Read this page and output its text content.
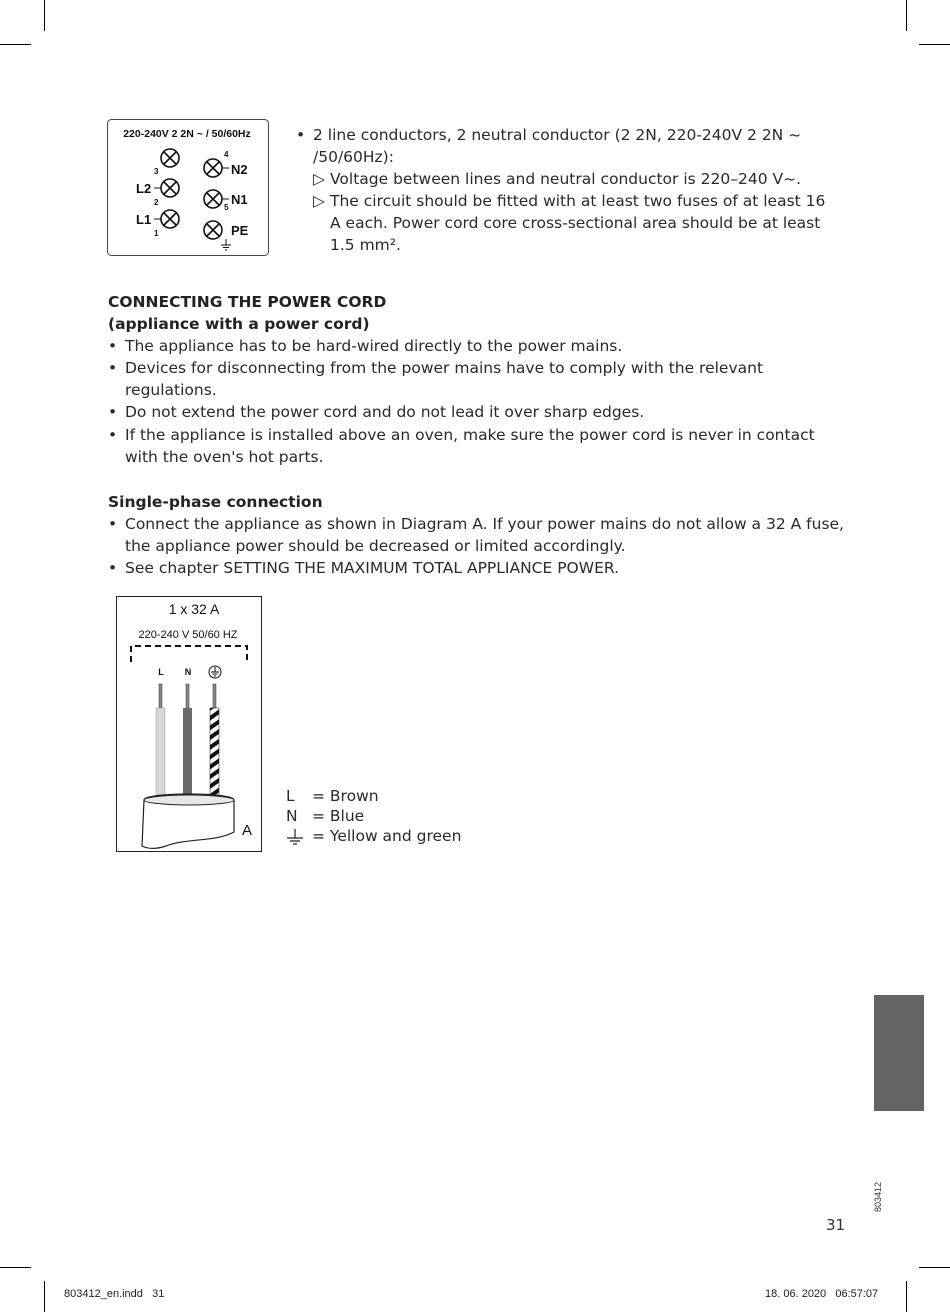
220-240V 2 2N ~ / 50/60Hz
L2
L1
N2
N1
PE
3
2
1
4
5
• 2 line conductors, 2 neutral conductor (2 2N, 220-240V 2 2N ~ /50/60Hz):
▷ Voltage between lines and neutral conductor is 220–240 V~.
▷ The circuit should be fitted with at least two fuses of at least 16 A each. Power cord core cross-sectional area should be at least 1.5 mm².
CONNECTING THE POWER CORD
(appliance with a power cord)
• The appliance has to be hard-wired directly to the power mains.
• Devices for disconnecting from the power mains have to comply with the relevant regulations.
• Do not extend the power cord and do not lead it over sharp edges.
• If the appliance is installed above an oven, make sure the power cord is never in contact with the oven's hot parts.
Single-phase connection
• Connect the appliance as shown in Diagram A. If your power mains do not allow a 32 A fuse, the appliance power should be decreased or limited accordingly.
• See chapter SETTING THE MAXIMUM TOTAL APPLIANCE POWER.
1 x 32 A
220-240 V 50/60 HZ
L N
A
L = Brown
N = Blue
= Yellow and green
803412
31
803412_en.indd   31	18. 06. 2020   06:57:07
